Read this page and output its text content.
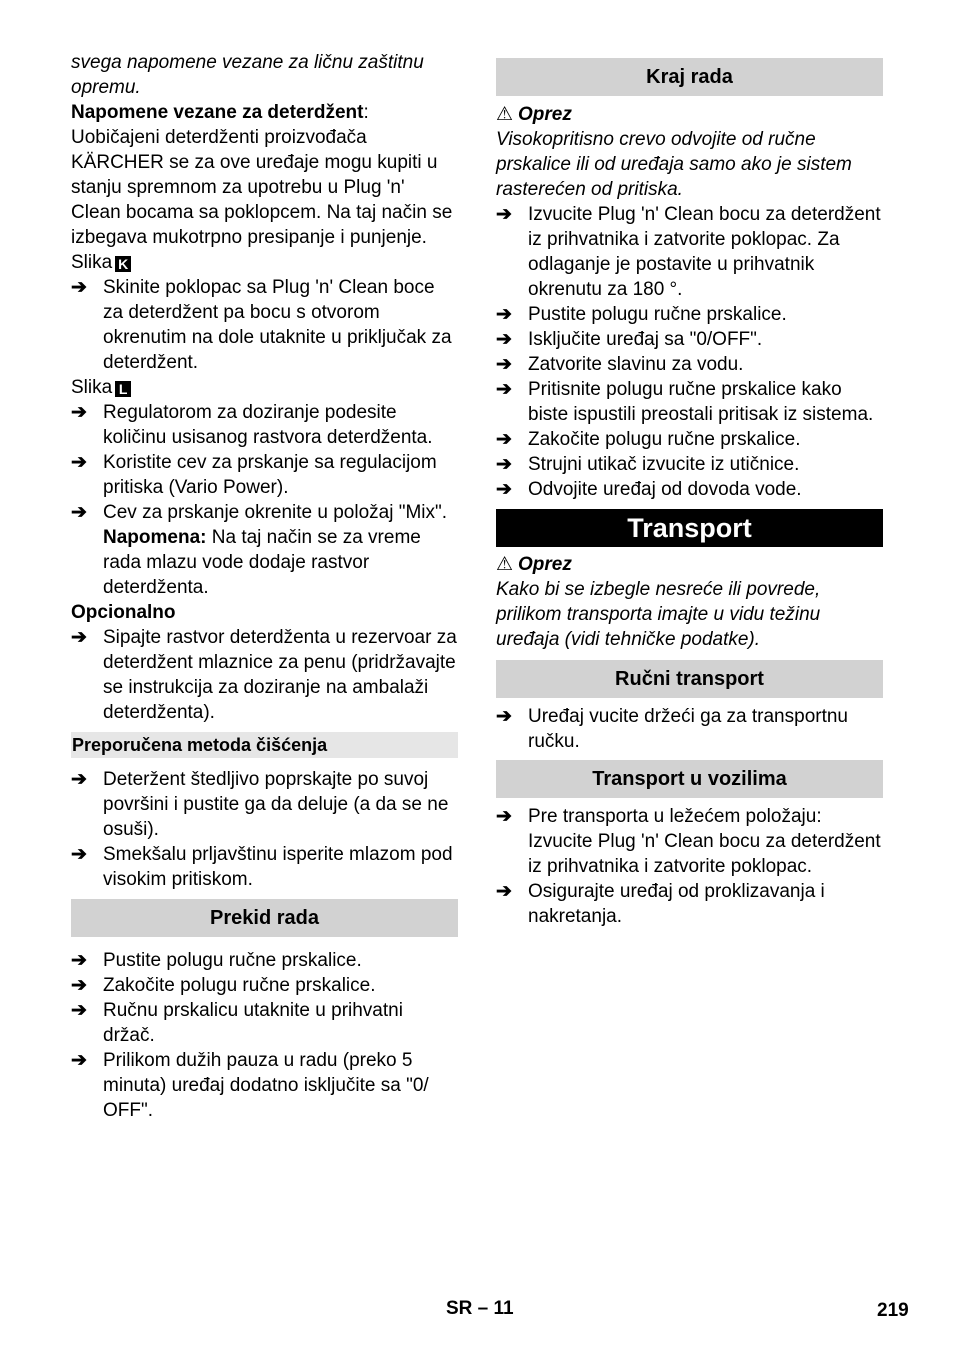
svega napomene vezane za ličnu zaštitnu opremu.

Napomene vezane za deterdžent:

Uobičajeni deterdženti proizvođača KÄRCHER se za ove uređaje mogu kupiti u stanju spremnom za upotrebu u Plug 'n' Clean bocama sa poklopcem. Na taj način se izbegava mukotrpno presipanje i punjenje.

Slika K

➔ Skinite poklopac sa Plug 'n' Clean boce za deterdžent pa bocu s otvorom okrenutim na dole utaknite u priključak za deterdžent.

Slika L

➔ Regulatorom za doziranje podesite količinu usisanog rastvora deterdženta.
➔ Koristite cev za prskanje sa regulacijom pritiska (Vario Power).
➔ Cev za prskanje okrenite u položaj "Mix".

Napomena: Na taj način se za vreme rada mlazu vode dodaje rastvor deterdženta.

Opcionalno

➔ Sipajte rastvor deterdženta u rezervoar za deterdžent mlaznice za penu (pridržavajte se instrukcija za doziranje na ambalaži deterdženta).
Preporučena metoda čišćenja
➔ Deteržent štedljivo poprskajte po suvoj površini i pustite ga da deluje (a da se ne osuši).
➔ Smekšalu prljavštinu isperite mlazom pod visokim pritiskom.
Prekid rada
➔ Pustite polugu ručne prskalice.
➔ Zakočite polugu ručne prskalice.
➔ Ručnu prskalicu utaknite u prihvatni držač.
➔ Prilikom dužih pauza u radu (preko 5 minuta) uređaj dodatno isključite sa "0/ OFF".
Kraj rada

⚠ Oprez

Visokopritisno crevo odvojite od ručne prskalice ili od uređaja samo ako je sistem rasterećen od pritiska.

➔ Izvucite Plug 'n' Clean bocu za deterdžent iz prihvatnika i zatvorite poklopac. Za odlaganje je postavite u prihvatnik okrenutu za 180 °.
➔ Pustite polugu ručne prskalice.
➔ Isključite uređaj sa "0/OFF".
➔ Zatvorite slavinu za vodu.
➔ Pritisnite polugu ručne prskalice kako biste ispustili preostali pritisak iz sistema.
➔ Zakočite polugu ručne prskalice.
➔ Strujni utikač izvucite iz utičnice.
➔ Odvojite uređaj od dovoda vode.
Transport

⚠ Oprez

Kako bi se izbegle nesreće ili povrede, prilikom transporta imajte u vidu težinu uređaja (vidi tehničke podatke).

Ručni transport
➔ Uređaj vucite držeći ga za transportnu ručku.
Transport u vozilima
➔ Pre transporta u ležećem položaju: Izvucite Plug 'n' Clean bocu za deterdžent iz prihvatnika i zatvorite poklopac.
➔ Osigurajte uređaj od proklizavanja i nakretanja.
SR – 11	219
